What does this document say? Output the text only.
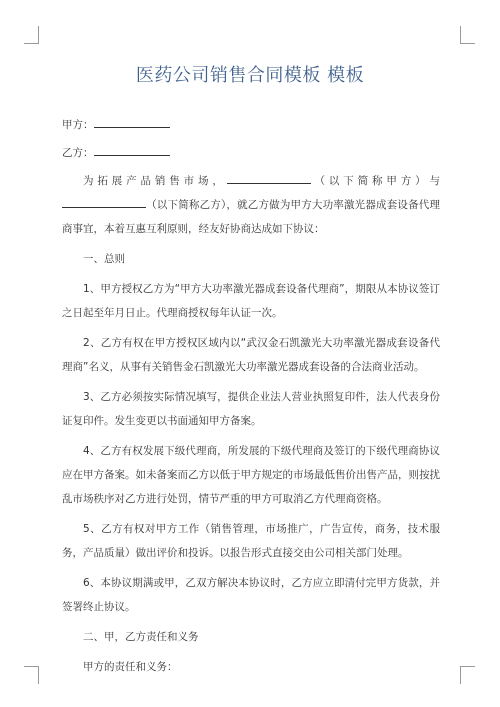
医药公司销售合同模板 模板
甲方：
乙方：

为拓展产品销售市场，	（以下简称甲方）与（以下简称乙方），就乙方做为甲方大功率激光器成套设备代理商事宜，本着互惠互利原则，经友好协商达成如下协议：

一、总则

1、甲方授权乙方为“甲方大功率激光器成套设备代理商”，期限从本协议签订之日起至年月日止。代理商授权每年认证一次。

2、乙方有权在甲方授权区域内以“武汉金石凯激光大功率激光器成套设备代理商”名义，从事有关销售金石凯激光大功率激光器成套设备的合法商业活动。

3、乙方必须按实际情况填写，提供企业法人营业执照复印件，法人代表身份证复印件。发生变更以书面通知甲方备案。

4、乙方有权发展下级代理商，所发展的下级代理商及签订的下级代理商协议应在甲方备案。如未备案而乙方以低于甲方规定的市场最低售价出售产品，则按扰乱市场秩序对乙方进行处罚，情节严重的甲方可取消乙方代理商资格。

5、乙方有权对甲方工作（销售管理，市场推广，广告宣传，商务，技术服务，产品质量）做出评价和投诉。以报告形式直接交由公司相关部门处理。

6、本协议期满或甲，乙双方解决本协议时，乙方应立即清付完甲方货款，并签署终止协议。

二、甲，乙方责任和义务

甲方的责任和义务：
